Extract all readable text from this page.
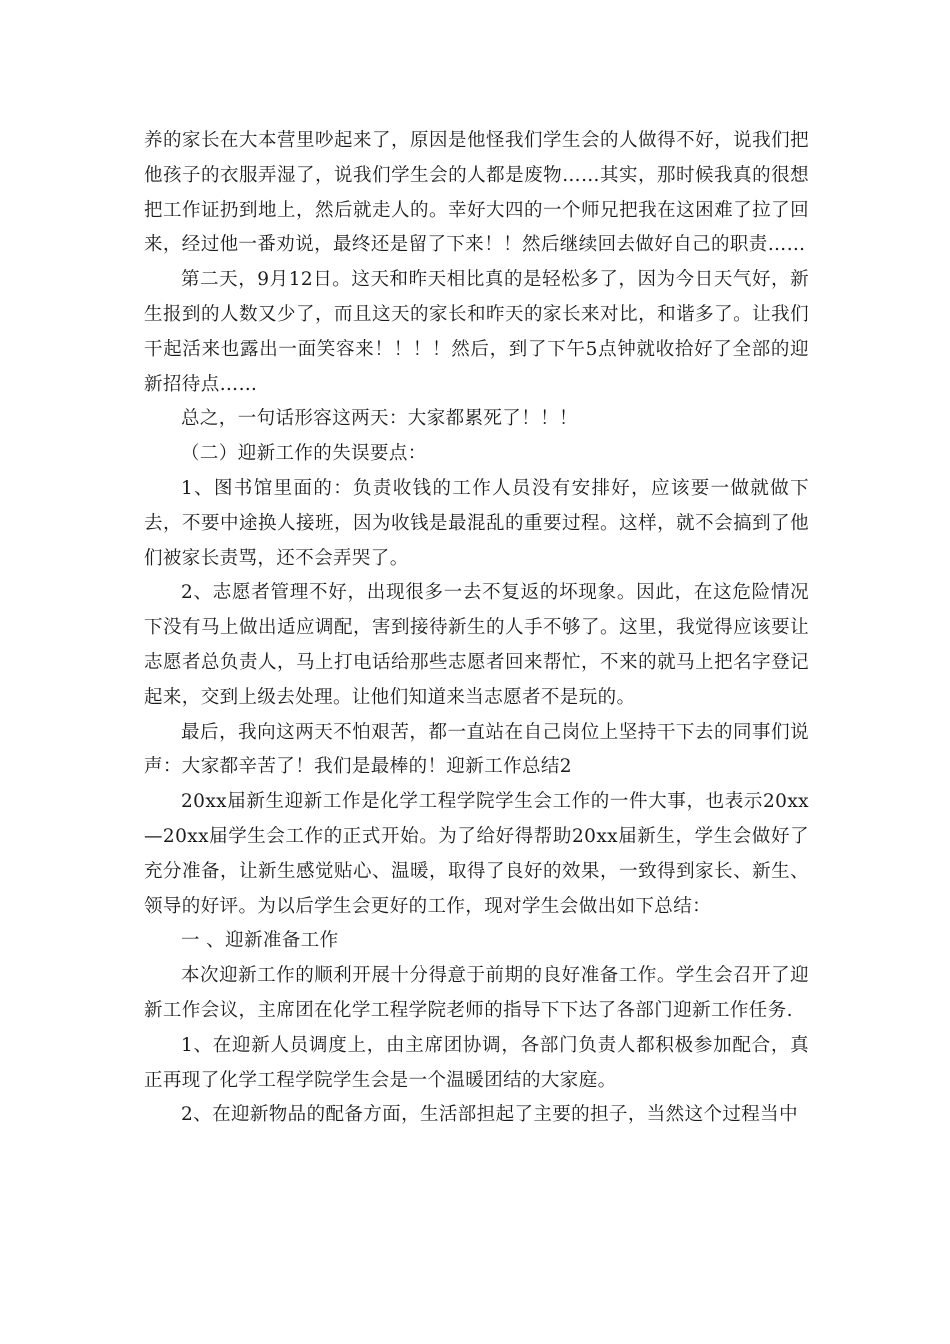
养的家长在大本营里吵起来了，原因是他怪我们学生会的人做得不好，说我们把他孩子的衣服弄湿了，说我们学生会的人都是废物……其实，那时候我真的很想把工作证扔到地上，然后就走人的。幸好大四的一个师兄把我在这困难了拉了回来，经过他一番劝说，最终还是留了下来！！然后继续回去做好自己的职责……

第二天，9月12日。这天和昨天相比真的是轻松多了，因为今日天气好，新生报到的人数又少了，而且这天的家长和昨天的家长来对比，和谐多了。让我们干起活来也露出一面笑容来！！！！然后，到了下午5点钟就收拾好了全部的迎新招待点……

总之，一句话形容这两天：大家都累死了！！！

（二）迎新工作的失误要点：

1、图书馆里面的：负责收钱的工作人员没有安排好，应该要一做就做下去，不要中途换人接班，因为收钱是最混乱的重要过程。这样，就不会搞到了他们被家长责骂，还不会弄哭了。

2、志愿者管理不好，出现很多一去不复返的坏现象。因此，在这危险情况下没有马上做出适应调配，害到接待新生的人手不够了。这里，我觉得应该要让志愿者总负责人，马上打电话给那些志愿者回来帮忙，不来的就马上把名字登记起来，交到上级去处理。让他们知道来当志愿者不是玩的。

最后，我向这两天不怕艰苦，都一直站在自己岗位上坚持干下去的同事们说声：大家都辛苦了！我们是最棒的！迎新工作总结2

20xx届新生迎新工作是化学工程学院学生会工作的一件大事，也表示20xx—20xx届学生会工作的正式开始。为了给好得帮助20xx届新生，学生会做好了充分准备，让新生感觉贴心、温暖，取得了良好的效果，一致得到家长、新生、领导的好评。为以后学生会更好的工作，现对学生会做出如下总结：

一 、迎新准备工作

本次迎新工作的顺利开展十分得意于前期的良好准备工作。学生会召开了迎新工作会议，主席团在化学工程学院老师的指导下下达了各部门迎新工作任务.

1、在迎新人员调度上，由主席团协调，各部门负责人都积极参加配合，真正再现了化学工程学院学生会是一个温暖团结的大家庭。

2、在迎新物品的配备方面，生活部担起了主要的担子，当然这个过程当中
